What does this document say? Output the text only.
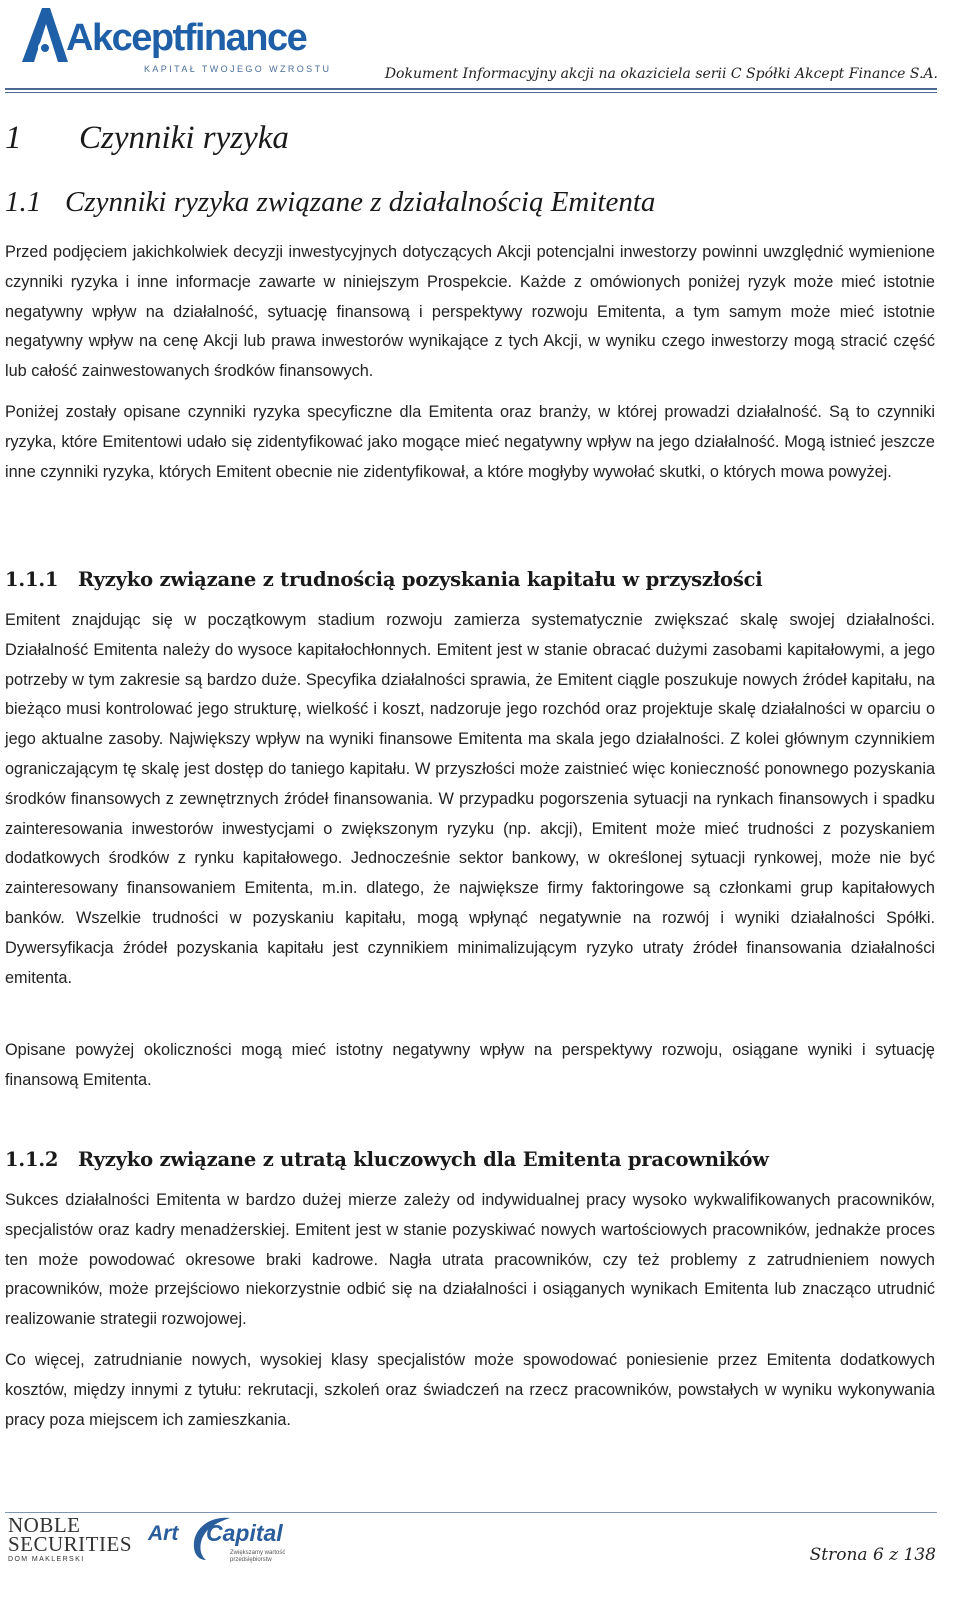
Akceptfinance
KAPITAŁ TWOJEGO WZROSTU	Dokument Informacyjny akcji na okaziciela serii C Spółki Akcept Finance S.A.
1 Czynniki ryzyka
1.1 Czynniki ryzyka związane z działalnością Emitenta
Przed podjęciem jakichkolwiek decyzji inwestycyjnych dotyczących Akcji potencjalni inwestorzy powinni uwzględnić wymienione czynniki ryzyka i inne informacje zawarte w niniejszym Prospekcie. Każde z omówionych poniżej ryzyk może mieć istotnie negatywny wpływ na działalność, sytuację finansową i perspektywy rozwoju Emitenta, a tym samym może mieć istotnie negatywny wpływ na cenę Akcji lub prawa inwestorów wynikające z tych Akcji, w wyniku czego inwestorzy mogą stracić część lub całość zainwestowanych środków finansowych.
Poniżej zostały opisane czynniki ryzyka specyficzne dla Emitenta oraz branży, w której prowadzi działalność. Są to czynniki ryzyka, które Emitentowi udało się zidentyfikować jako mogące mieć negatywny wpływ na jego działalność. Mogą istnieć jeszcze inne czynniki ryzyka, których Emitent obecnie nie zidentyfikował, a które mogłyby wywołać skutki, o których mowa powyżej.
1.1.1 Ryzyko związane z trudnością pozyskania kapitału w przyszłości
Emitent znajdując się w początkowym stadium rozwoju zamierza systematycznie zwiększać skalę swojej działalności. Działalność Emitenta należy do wysoce kapitałochłonnych. Emitent jest w stanie obracać dużymi zasobami kapitałowymi, a jego potrzeby w tym zakresie są bardzo duże. Specyfika działalności sprawia, że Emitent ciągle poszukuje nowych źródeł kapitału, na bieżąco musi kontrolować jego strukturę, wielkość i koszt, nadzoruje jego rozchód oraz projektuje skalę działalności w oparciu o jego aktualne zasoby. Największy wpływ na wyniki finansowe Emitenta ma skala jego działalności. Z kolei głównym czynnikiem ograniczającym tę skalę jest dostęp do taniego kapitału. W przyszłości może zaistnieć więc konieczność ponownego pozyskania środków finansowych z zewnętrznych źródeł finansowania. W przypadku pogorszenia sytuacji na rynkach finansowych i spadku zainteresowania inwestorów inwestycjami o zwiększonym ryzyku (np. akcji), Emitent może mieć trudności z pozyskaniem dodatkowych środków z rynku kapitałowego. Jednocześnie sektor bankowy, w określonej sytuacji rynkowej, może nie być zainteresowany finansowaniem Emitenta, m.in. dlatego, że największe firmy faktoringowe są członkami grup kapitałowych banków. Wszelkie trudności w pozyskaniu kapitału, mogą wpłynąć negatywnie na rozwój i wyniki działalności Spółki. Dywersyfikacja źródeł pozyskania kapitału jest czynnikiem minimalizującym ryzyko utraty źródeł finansowania działalności emitenta.
Opisane powyżej okoliczności mogą mieć istotny negatywny wpływ na perspektywy rozwoju, osiągane wyniki i sytuację finansową Emitenta.
1.1.2 Ryzyko związane z utratą kluczowych dla Emitenta pracowników
Sukces działalności Emitenta w bardzo dużej mierze zależy od indywidualnej pracy wysoko wykwalifikowanych pracowników, specjalistów oraz kadry menadżerskiej. Emitent jest w stanie pozyskiwać nowych wartościowych pracowników, jednakże proces ten może powodować okresowe braki kadrowe. Nagła utrata pracowników, czy też problemy z zatrudnieniem nowych pracowników, może przejściowo niekorzystnie odbić się na działalności i osiąganych wynikach Emitenta lub znacząco utrudnić realizowanie strategii rozwojowej.
Co więcej, zatrudnianie nowych, wysokiej klasy specjalistów może spowodować poniesienie przez Emitenta dodatkowych kosztów, między innymi z tytułu: rekrutacji, szkoleń oraz świadczeń na rzecz pracowników, powstałych w wyniku wykonywania pracy poza miejscem ich zamieszkania.
NOBLE
SECURITIES
DOM MAKLERSKI
Art Capital
Zwiększamy wartość
przedsiębiorstw	Strona 6 z 138
